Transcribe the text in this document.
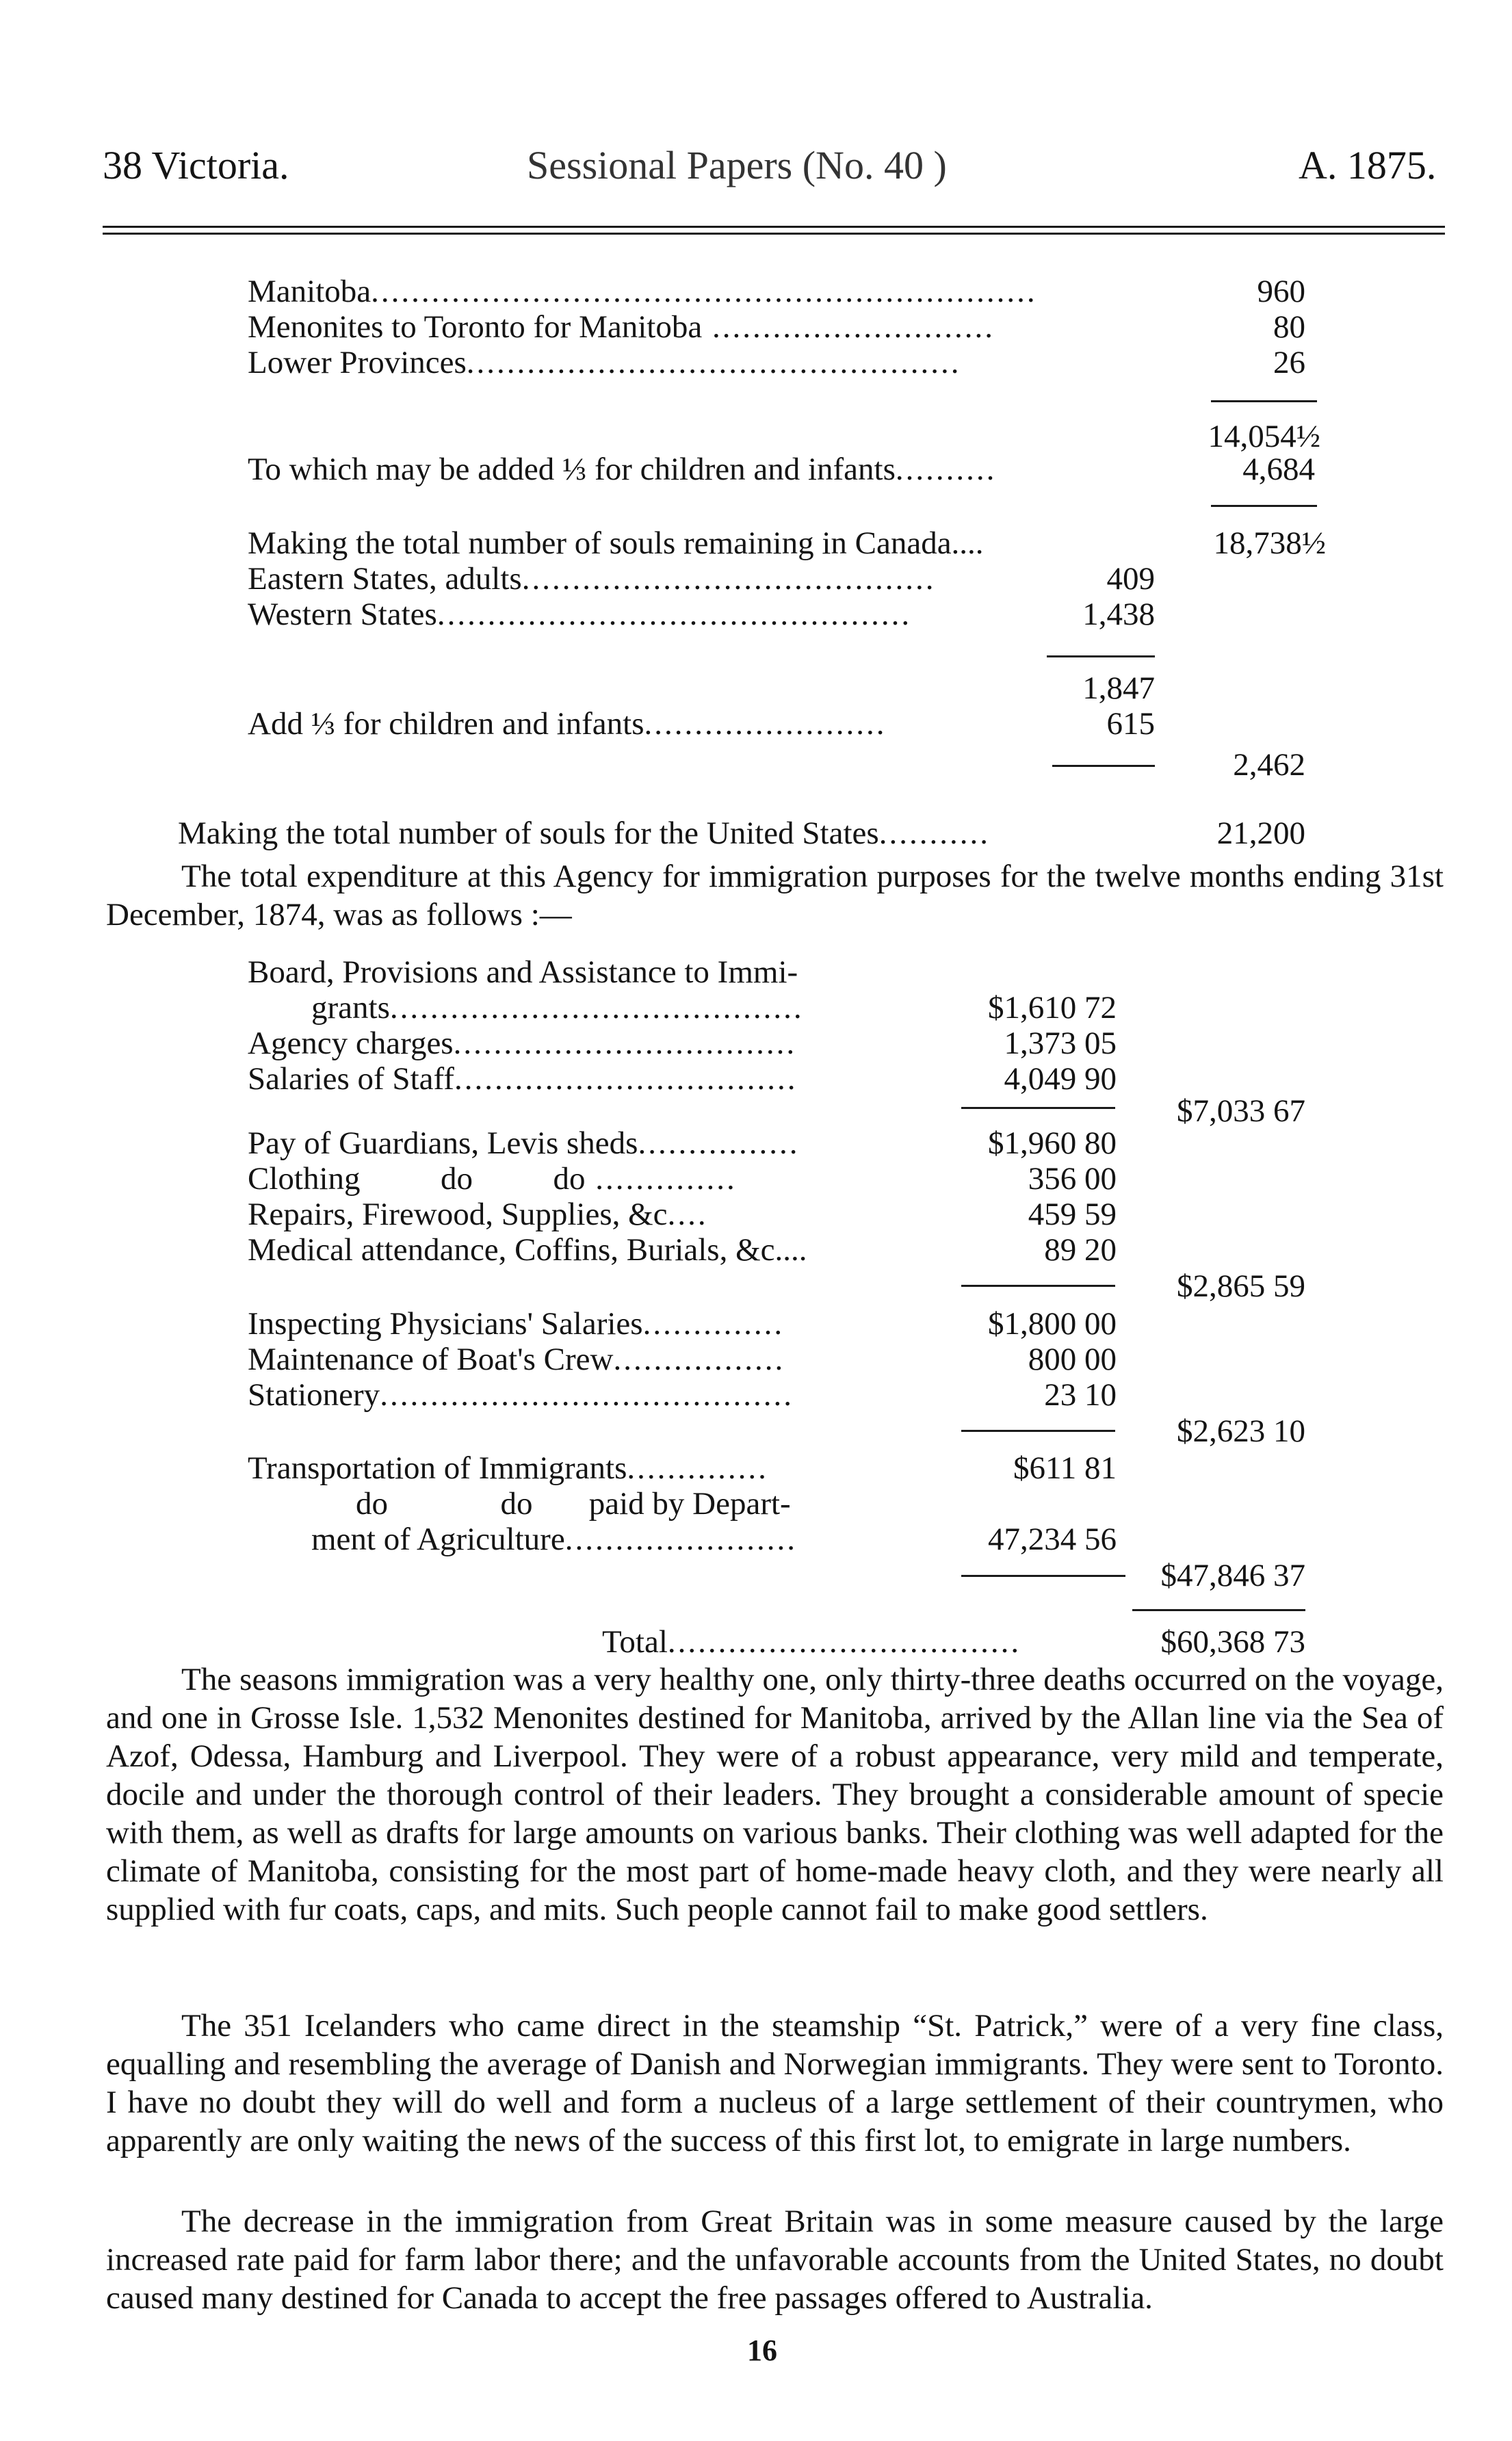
38 Victoria.	Sessional Papers (No. 40 )	A. 1875.
Manitoba..................................................................	960
Menonites to Toronto for Manitoba ............................	80
Lower Provinces.................................................	26
14,054½
To which may be added ⅓ for children and infants..........	4,684
Making the total number of souls remaining in Canada....	18,738½
Eastern States, adults.........................................	409
Western States...............................................	1,438
1,847
Add ⅓ for children and infants........................	615
2,462
Making the total number of souls for the United States...........	21,200
The total expenditure at this Agency for immigration purposes for the twelve months ending 31st December, 1874, was as follows :—
Board, Provisions and Assistance to Immi-
grants.........................................	$1,610 72
Agency charges..................................	1,373 05
Salaries of Staff..................................	4,049 90
$7,033 67
Pay of Guardians, Levis sheds................	$1,960 80
Clothing          do          do ..............	356 00
Repairs, Firewood, Supplies, &c....	459 59
Medical attendance, Coffins, Burials, &c....	89 20
$2,865 59
Inspecting Physicians' Salaries..............	$1,800 00
Maintenance of Boat's Crew.................	800 00
Stationery.........................................	23 10
$2,623 10
Transportation of Immigrants..............	$611 81
do              do       paid by Depart-
ment of Agriculture.......................	47,234 56
$47,846 37
Total...................................	$60,368 73
The seasons immigration was a very healthy one, only thirty-three deaths occurred on the voyage, and one in Grosse Isle. 1,532 Menonites destined for Manitoba, arrived by the Allan line via the Sea of Azof, Odessa, Hamburg and Liverpool. They were of a robust appearance, very mild and temperate, docile and under the thorough control of their leaders. They brought a considerable amount of specie with them, as well as drafts for large amounts on various banks. Their clothing was well adapted for the climate of Manitoba, consisting for the most part of home-made heavy cloth, and they were nearly all supplied with fur coats, caps, and mits. Such people cannot fail to make good settlers.
The 351 Icelanders who came direct in the steamship “St. Patrick,” were of a very fine class, equalling and resembling the average of Danish and Norwegian immigrants. They were sent to Toronto. I have no doubt they will do well and form a nucleus of a large settlement of their countrymen, who apparently are only waiting the news of the success of this first lot, to emigrate in large numbers.
The decrease in the immigration from Great Britain was in some measure caused by the large increased rate paid for farm labor there; and the unfavorable accounts from the United States, no doubt caused many destined for Canada to accept the free passages offered to Australia.
16
